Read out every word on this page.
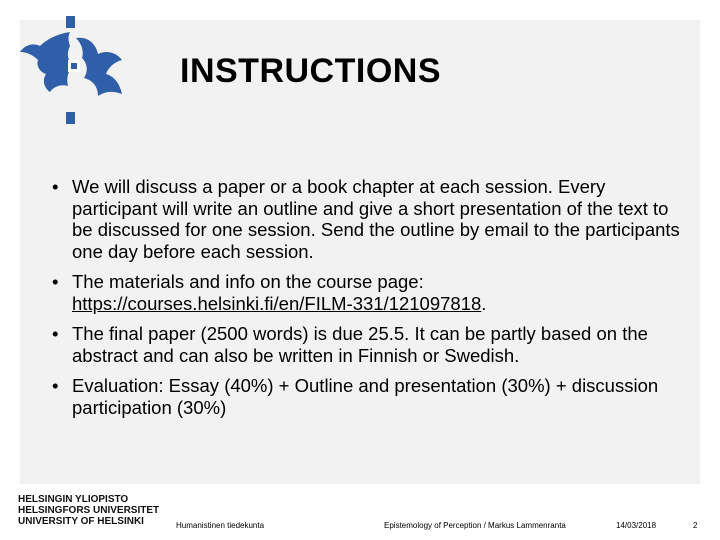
INSTRUCTIONS
• We will discuss a paper or a book chapter at each session. Every participant will write an outline and give a short presentation of the text to be discussed for one session. Send the outline by email to the participants one day before each session.
• The materials and info on the course page: https://courses.helsinki.fi/en/FILM-331/121097818.
• The final paper (2500 words) is due 25.5. It can be partly based on the abstract and can also be written in Finnish or Swedish.
• Evaluation: Essay (40%) + Outline and presentation (30%) + discussion participation (30%)
HELSINGIN YLIOPISTO
HELSINGFORS UNIVERSITET
UNIVERSITY OF HELSINKI	Humanistinen tiedekunta	Epistemology of Perception / Markus Lammenranta	14/03/2018	2
